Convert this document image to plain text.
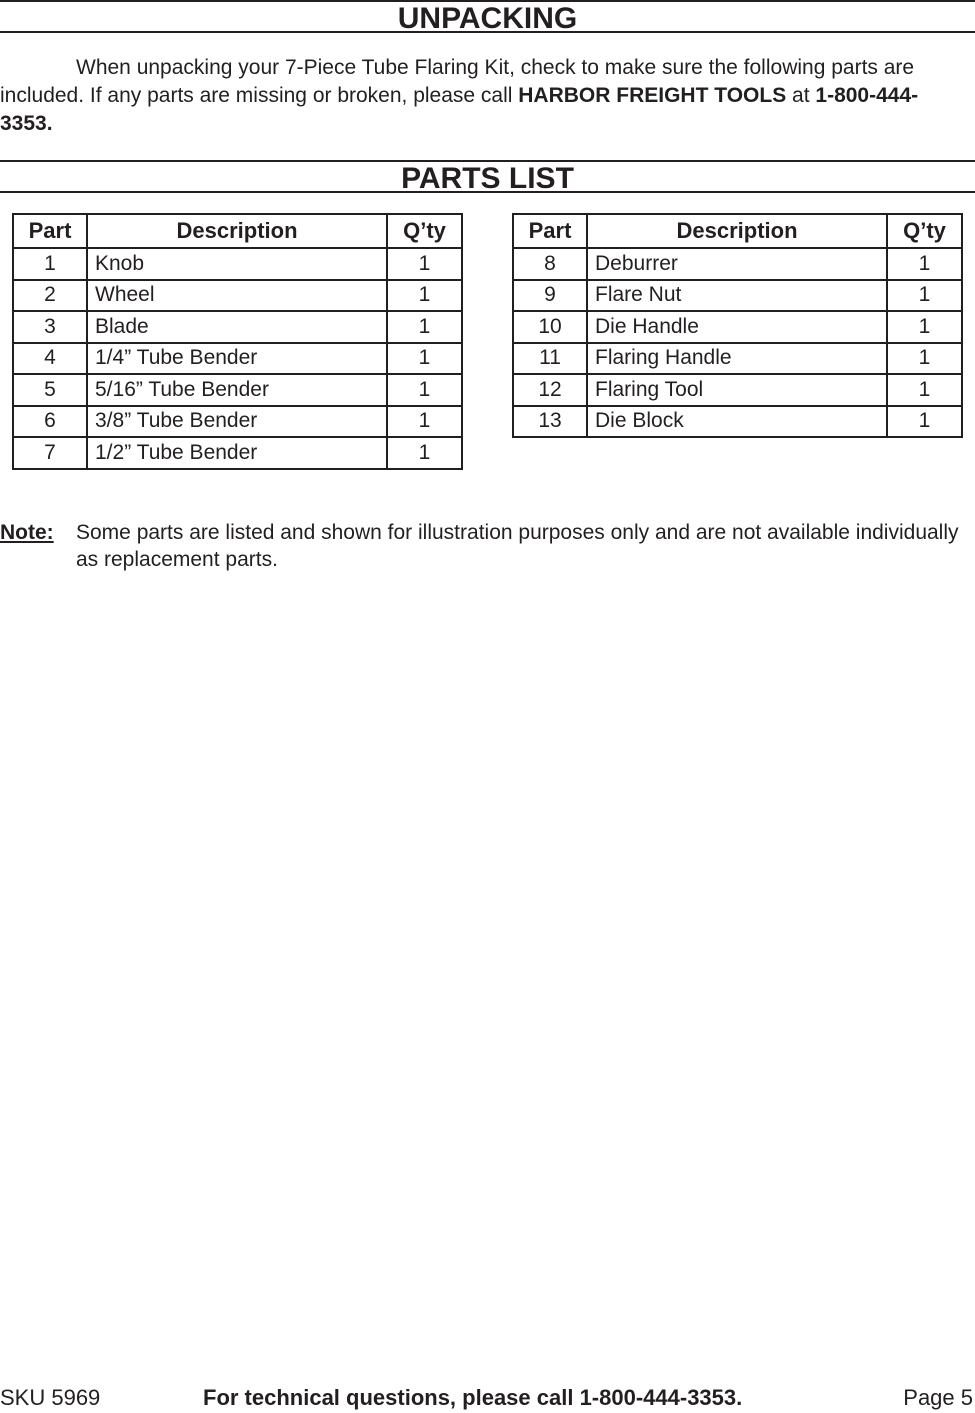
UNPACKING
When unpacking your 7-Piece Tube Flaring Kit, check to make sure the following parts are included. If any parts are missing or broken, please call HARBOR FREIGHT TOOLS at 1-800-444-3353.
PARTS LIST
Part	Description	Q’ty
1	Knob	1
2	Wheel	1
3	Blade	1
4	1/4” Tube Bender	1
5	5/16” Tube Bender	1
6	3/8” Tube Bender	1
7	1/2” Tube Bender	1
Part	Description	Q’ty
8	Deburrer	1
9	Flare Nut	1
10	Die Handle	1
11	Flaring Handle	1
12	Flaring Tool	1
13	Die Block	1
Note: Some parts are listed and shown for illustration purposes only and are not available individually as replacement parts.
SKU 5969	For technical questions, please call 1-800-444-3353.	Page 5
